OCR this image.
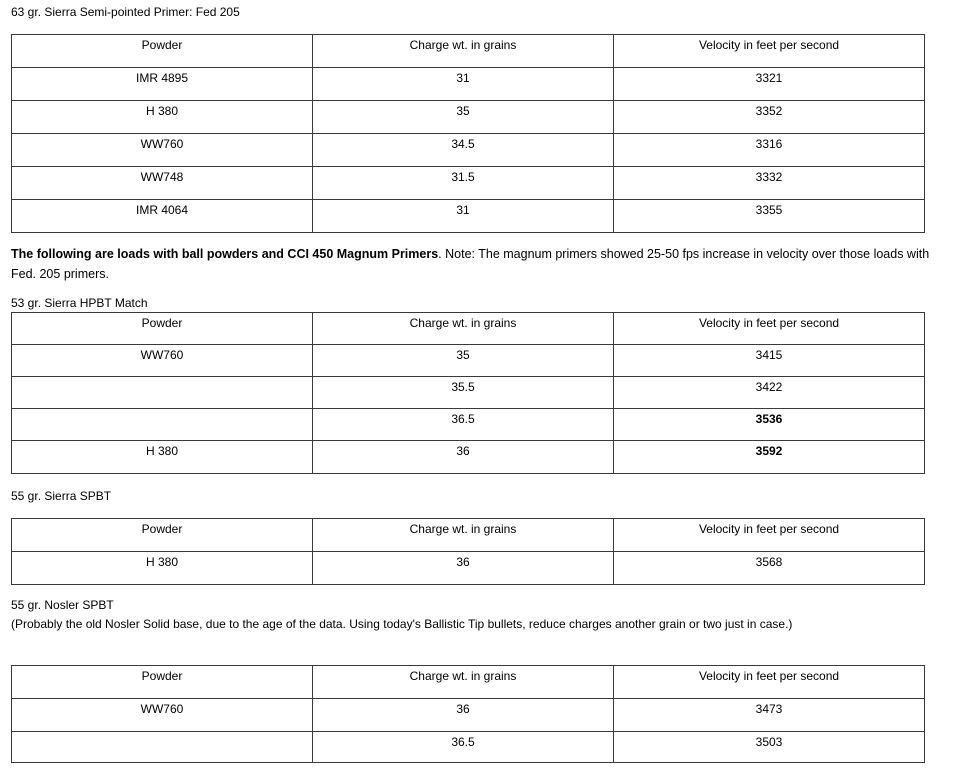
63 gr. Sierra Semi-pointed Primer: Fed 205
Powder	Charge wt. in grains	Velocity in feet per second
IMR 4895	31	3321
H 380	35	3352
WW760	34.5	3316
WW748	31.5	3332
IMR 4064	31	3355
The following are loads with ball powders and CCI 450 Magnum Primers. Note: The magnum primers showed 25-50 fps increase in velocity over those loads with Fed. 205 primers.
53 gr. Sierra HPBT Match
Powder	Charge wt. in grains	Velocity in feet per second
WW760	35	3415
	35.5	3422
	36.5	3536
H 380	36	3592
55 gr. Sierra SPBT
Powder	Charge wt. in grains	Velocity in feet per second
H 380	36	3568
55 gr. Nosler SPBT
(Probably the old Nosler Solid base, due to the age of the data. Using today's Ballistic Tip bullets, reduce charges another grain or two just in case.)
Powder	Charge wt. in grains	Velocity in feet per second
WW760	36	3473
	36.5	3503
